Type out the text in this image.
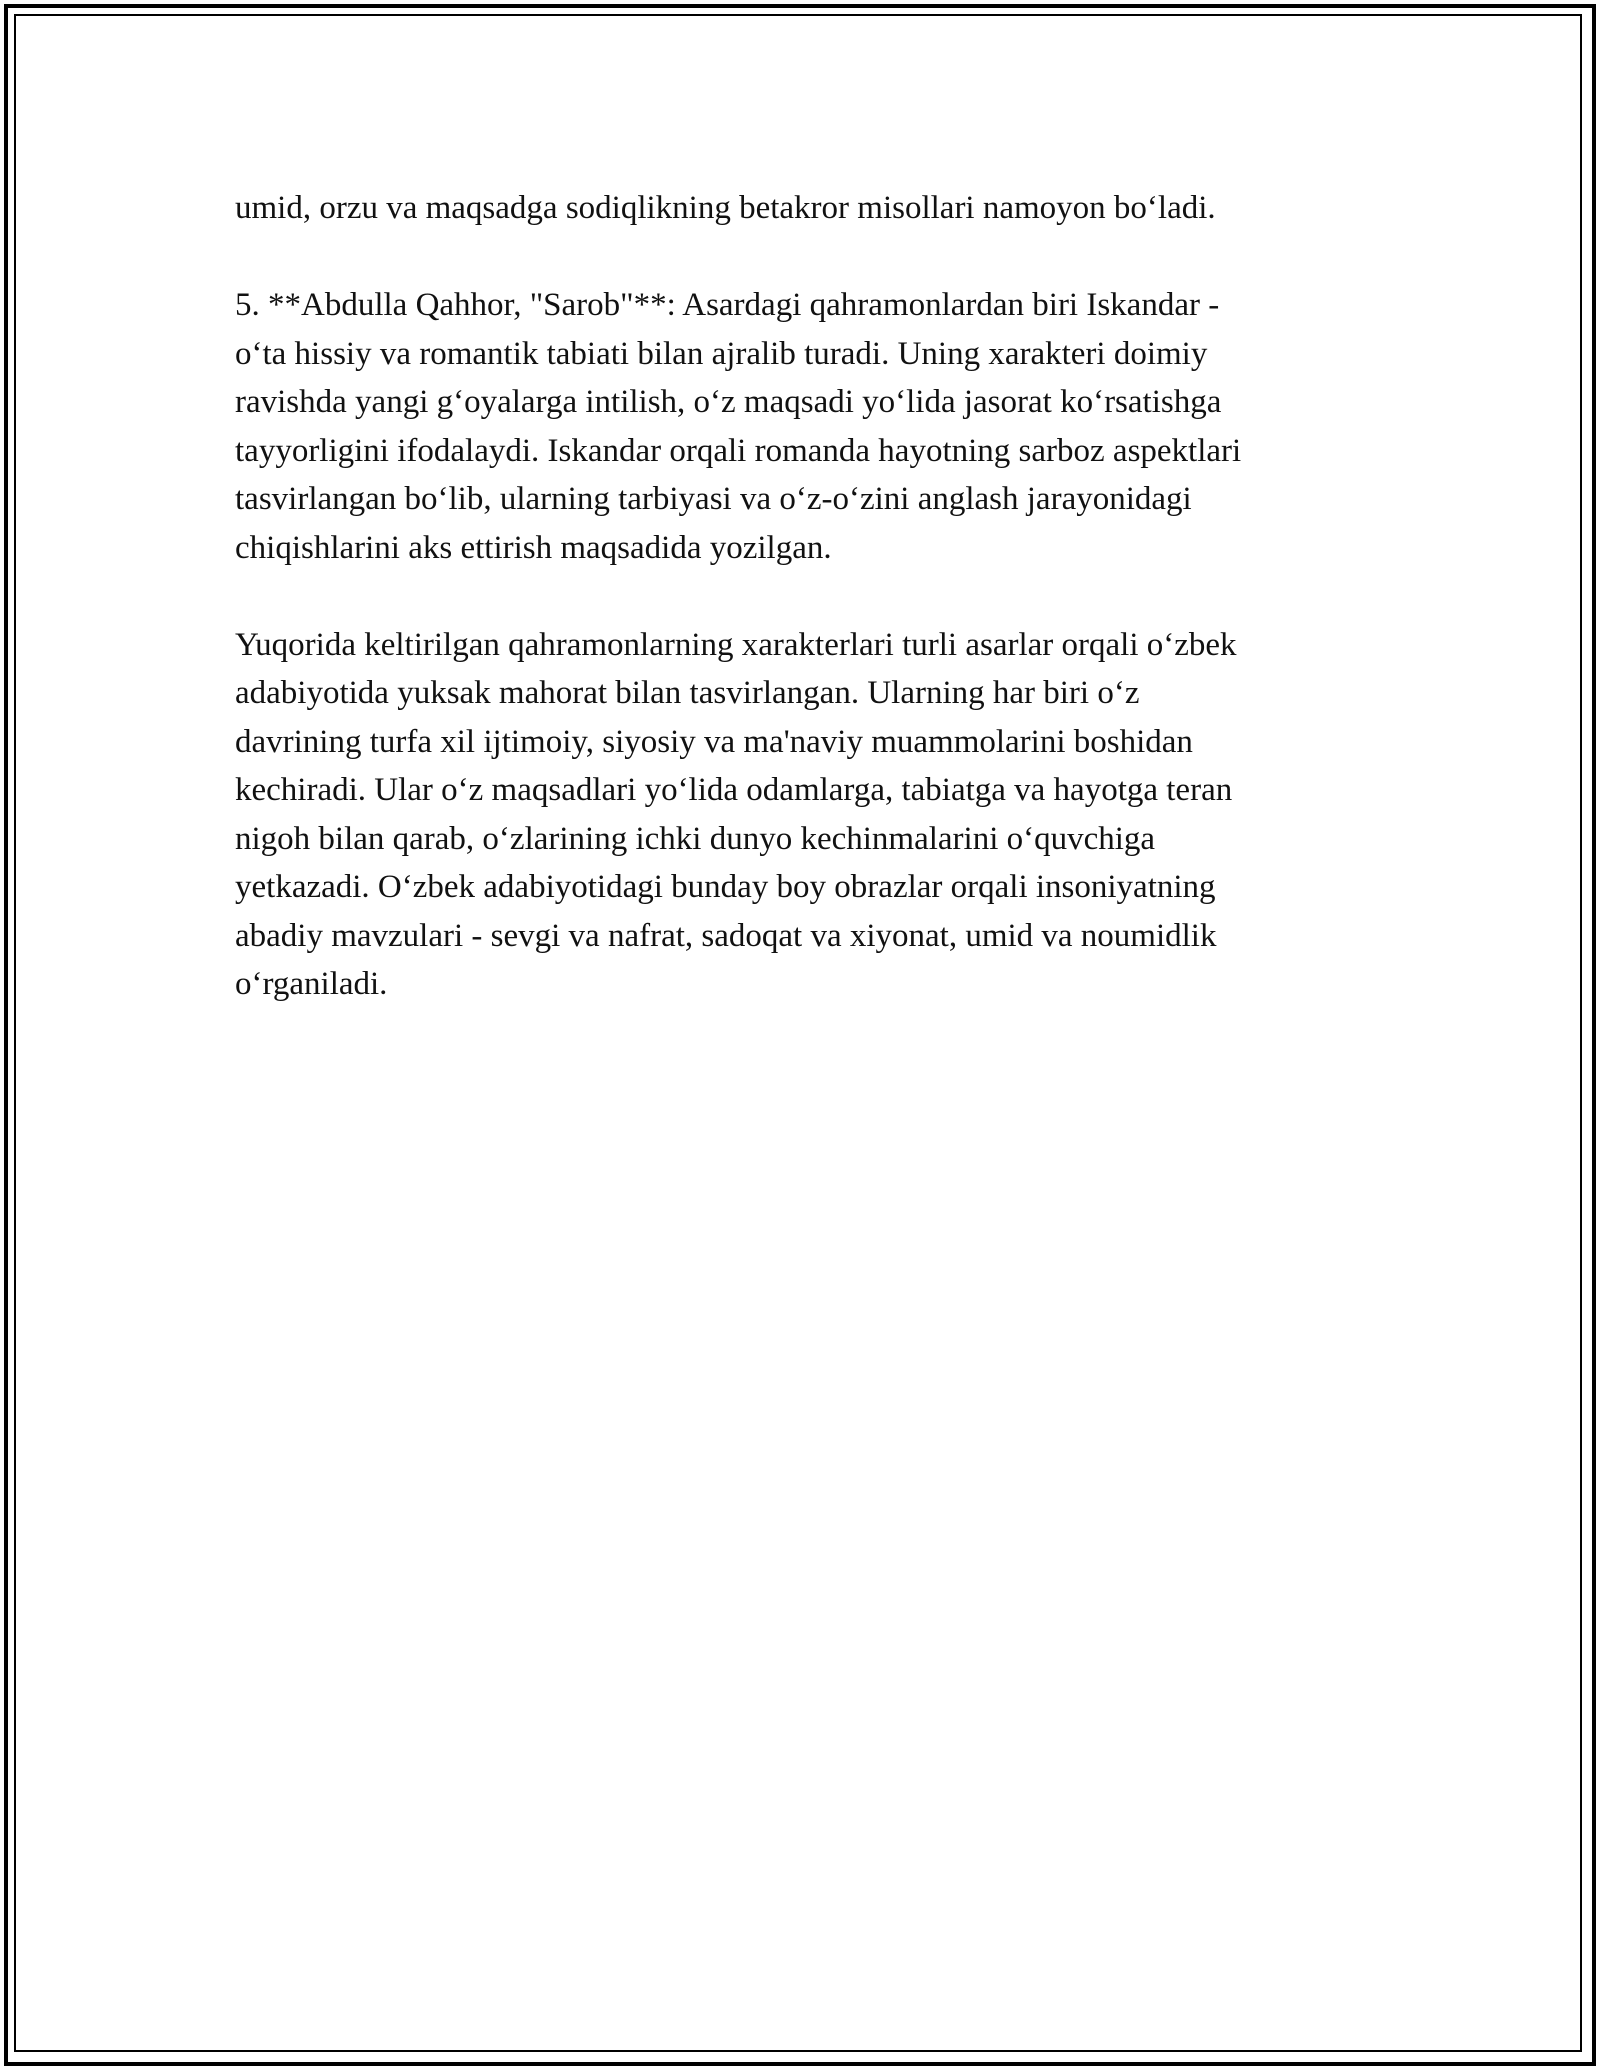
umid, orzu va maqsadga sodiqlikning betakror misollari namoyon bo‘ladi.

5. **Abdulla Qahhor, "Sarob"**: Asardagi qahramonlardan biri Iskandar -
o‘ta hissiy va romantik tabiati bilan ajralib turadi. Uning xarakteri doimiy
ravishda yangi g‘oyalarga intilish, o‘z maqsadi yo‘lida jasorat ko‘rsatishga
tayyorligini ifodalaydi. Iskandar orqali romanda hayotning sarboz aspektlari
tasvirlangan bo‘lib, ularning tarbiyasi va o‘z-o‘zini anglash jarayonidagi
chiqishlarini aks ettirish maqsadida yozilgan.

Yuqorida keltirilgan qahramonlarning xarakterlari turli asarlar orqali o‘zbek
adabiyotida yuksak mahorat bilan tasvirlangan. Ularning har biri o‘z
davrining turfa xil ijtimoiy, siyosiy va ma'naviy muammolarini boshidan
kechiradi. Ular o‘z maqsadlari yo‘lida odamlarga, tabiatga va hayotga teran
nigoh bilan qarab, o‘zlarining ichki dunyo kechinmalarini o‘quvchiga
yetkazadi. O‘zbek adabiyotidagi bunday boy obrazlar orqali insoniyatning
abadiy mavzulari - sevgi va nafrat, sadoqat va xiyonat, umid va noumidlik
o‘rganiladi.
